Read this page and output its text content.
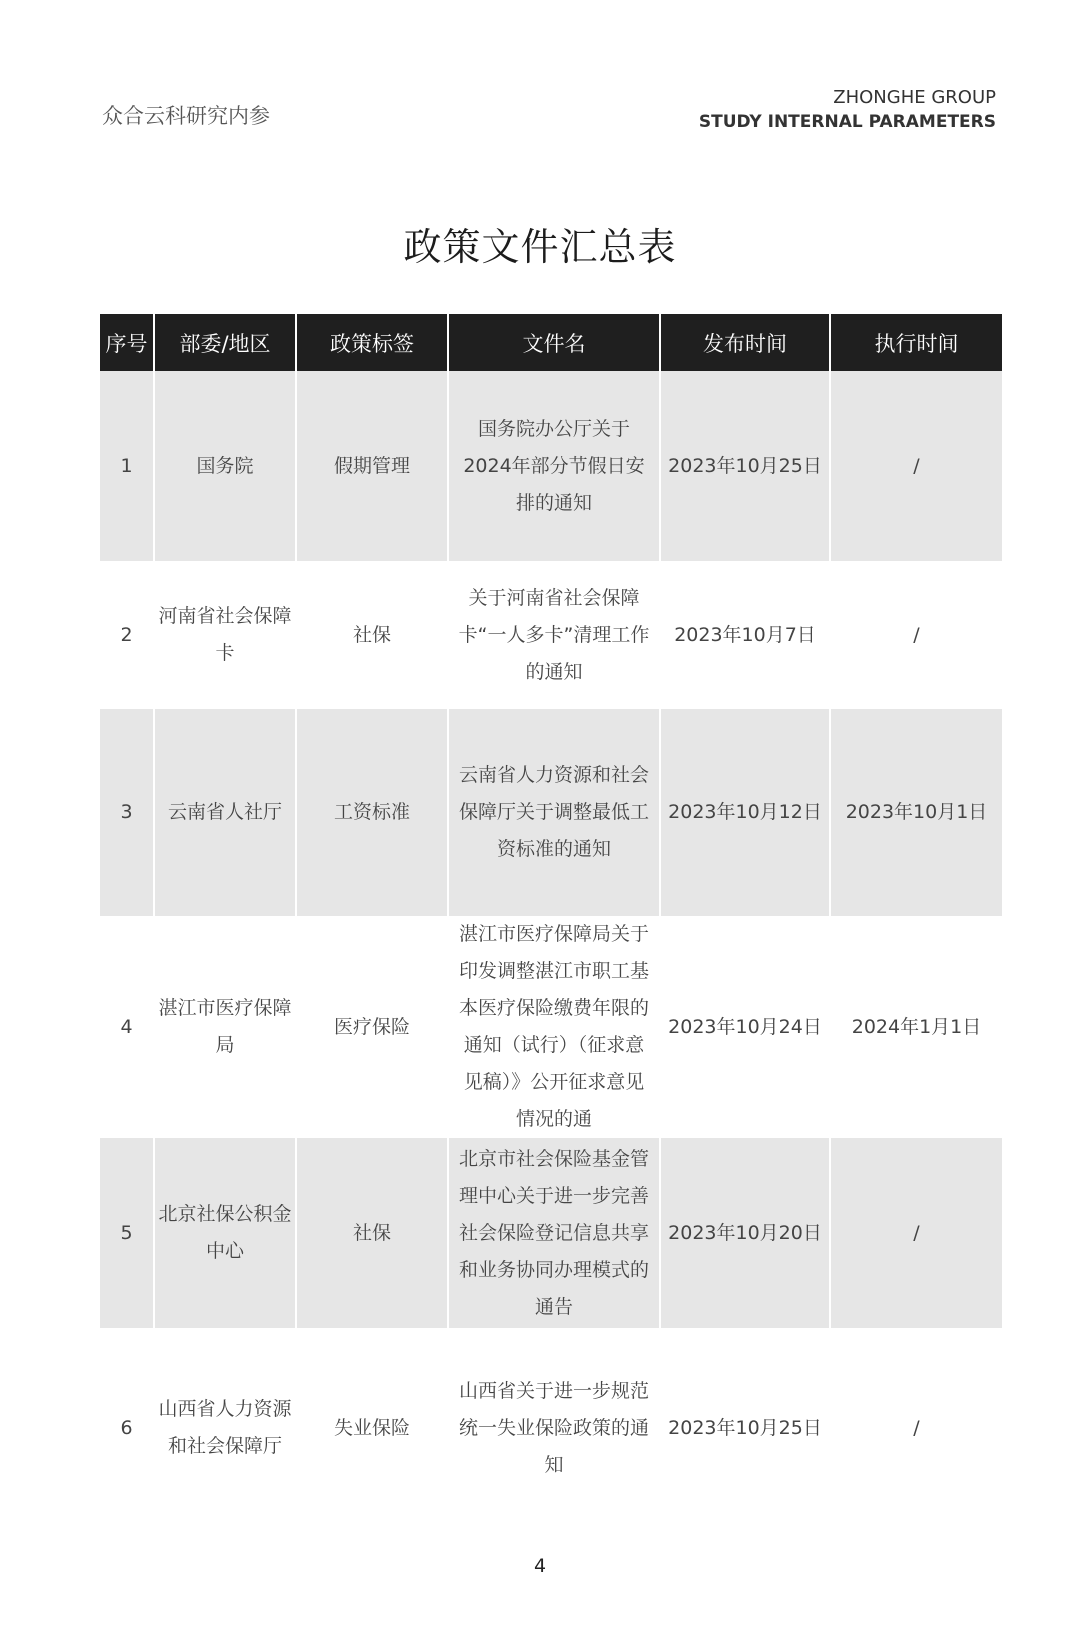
众合云科研究内参
ZHONGHE GROUP
STUDY INTERNAL PARAMETERS
政策文件汇总表
序号	部委/地区	政策标签	文件名	发布时间	执行时间
1	国务院	假期管理	国务院办公厅关于2024年部分节假日安排的通知	2023年10月25日	/
2	河南省社会保障卡	社保	关于河南省社会保障卡“一人多卡”清理工作的通知	2023年10月7日	/
3	云南省人社厅	工资标准	云南省人力资源和社会保障厅关于调整最低工资标准的通知	2023年10月12日	2023年10月1日
4	湛江市医疗保障局	医疗保险	湛江市医疗保障局关于印发调整湛江市职工基本医疗保险缴费年限的通知（试行）（征求意见稿）》公开征求意见情况的通	2023年10月24日	2024年1月1日
5	北京社保公积金中心	社保	北京市社会保险基金管理中心关于进一步完善社会保险登记信息共享和业务协同办理模式的通告	2023年10月20日	/
6	山西省人力资源和社会保障厅	失业保险	山西省关于进一步规范统一失业保险政策的通知	2023年10月25日	/
4
